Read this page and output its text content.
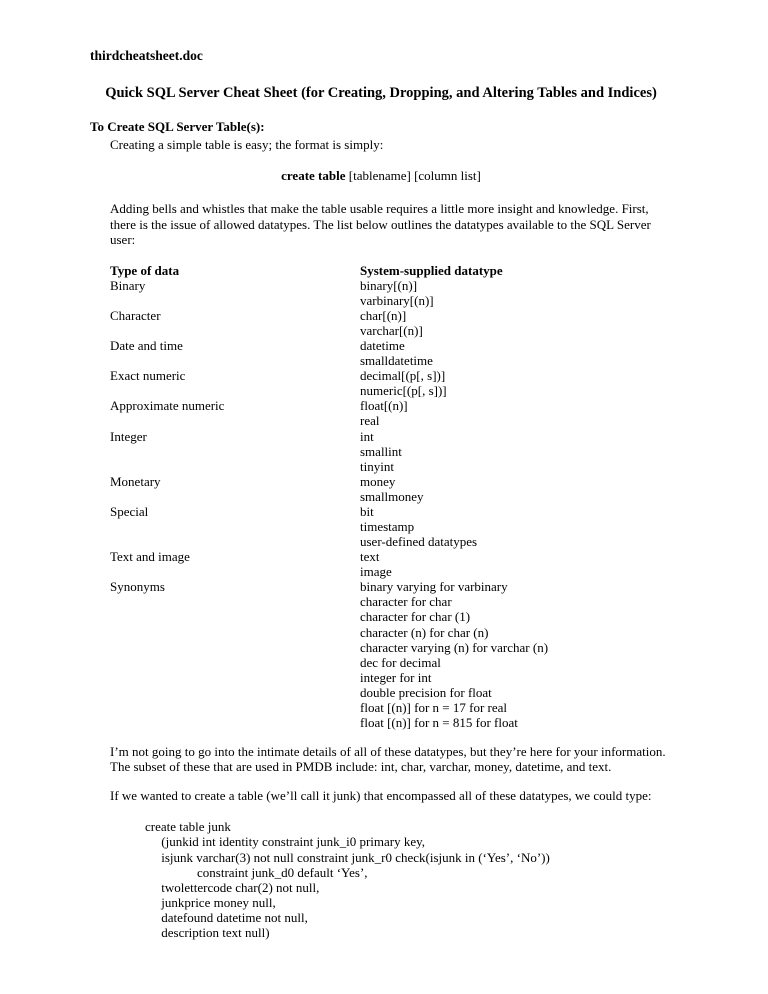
thirdcheatsheet.doc
Quick SQL Server Cheat Sheet (for Creating, Dropping, and Altering Tables and Indices)
To Create SQL Server Table(s):
Creating a simple table is easy; the format is simply:
create table [tablename] [column list]
Adding bells and whistles that make the table usable requires a little more insight and knowledge. First, there is the issue of allowed datatypes. The list below outlines the datatypes available to the SQL Server user:
Type of data	System-supplied datatype
Binary	binary[(n)]
varbinary[(n)]
Character	char[(n)]
varchar[(n)]
Date and time	datetime
smalldatetime
Exact numeric	decimal[(p[, s])]
numeric[(p[, s])]
Approximate numeric	float[(n)]
real
Integer	int
smallint
tinyint
Monetary	money
smallmoney
Special	bit
timestamp
user-defined datatypes
Text and image	text
image
Synonyms	binary varying for varbinary
character for char
character for char (1)
character (n) for char (n)
character varying (n) for varchar (n)
dec for decimal
integer for int
double precision for float
float [(n)] for n = 17 for real
float [(n)] for n = 815 for float
I’m not going to go into the intimate details of all of these datatypes, but they’re here for your information. The subset of these that are used in PMDB include: int, char, varchar, money, datetime, and text.
If we wanted to create a table (we’ll call it junk) that encompassed all of these datatypes, we could type:
create table junk
(junkid int identity constraint junk_i0 primary key,
isjunk varchar(3) not null constraint junk_r0 check(isjunk in (‘Yes’, ‘No’))
constraint junk_d0 default ‘Yes’,
twolettercode char(2) not null,
junkprice money null,
datefound datetime not null,
description text null)
